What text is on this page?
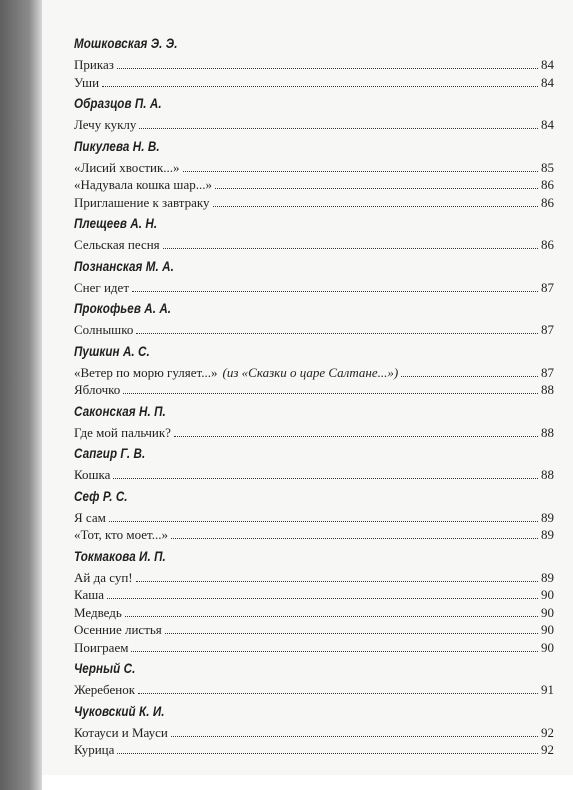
Мошковская Э. Э.
Приказ	84
Уши	84
Образцов П. А.
Лечу куклу	84
Пикулева Н. В.
«Лисий хвостик...»	85
«Надувала кошка шар...»	86
Приглашение к завтраку	86
Плещеев А. Н.
Сельская песня	86
Познанская М. А.
Снег идет	87
Прокофьев А. А.
Солнышко	87
Пушкин А. С.
«Ветер по морю гуляет...» (из «Сказки о царе Салтане...»)	87
Яблочко	88
Саконская Н. П.
Где мой пальчик?	88
Сапгир Г. В.
Кошка	88
Сеф Р. С.
Я сам	89
«Тот, кто моет...»	89
Токмакова И. П.
Ай да суп!	89
Каша	90
Медведь	90
Осенние листья	90
Поиграем	90
Черный С.
Жеребенок	91
Чуковский К. И.
Котауси и Мауси	92
Курица	92
